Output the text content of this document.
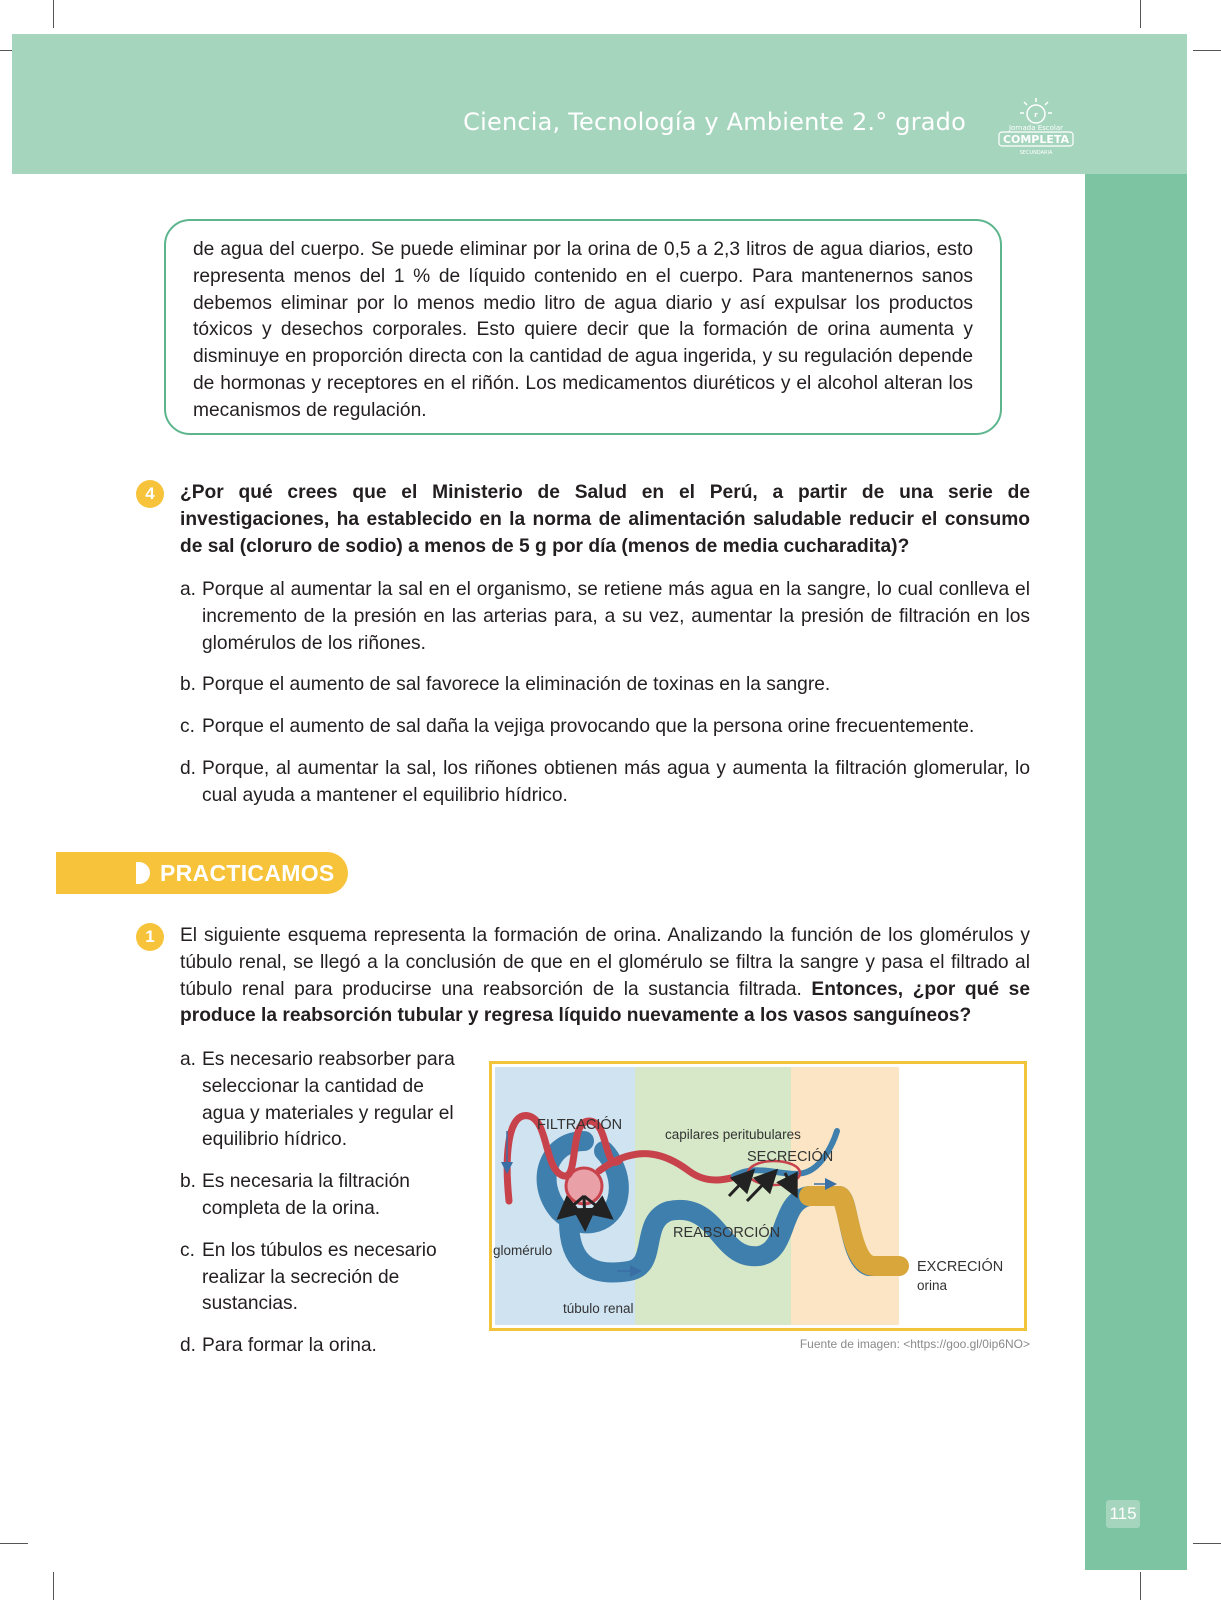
Ciencia, Tecnología y Ambiente 2.° grado	r
Jornada Escolar
COMPLETA
SECUNDARIA
115

de agua del cuerpo. Se puede eliminar por la orina de 0,5 a 2,3 litros de agua diarios, esto representa menos del 1 % de líquido contenido en el cuerpo. Para mantenernos sanos debemos eliminar por lo menos medio litro de agua diario y así expulsar los productos tóxicos y desechos corporales. Esto quiere decir que la formación de orina aumenta y disminuye en proporción directa con la cantidad de agua ingerida, y su regulación depende de hormonas y receptores en el riñón. Los medicamentos diuréticos y el alcohol alteran los mecanismos de regulación.

4	¿Por qué crees que el Ministerio de Salud en el Perú, a partir de una serie de investigaciones, ha establecido en la norma de alimentación saludable reducir el consumo de sal (cloruro de sodio) a menos de 5 g por día (menos de media cucharadita)?

a. Porque al aumentar la sal en el organismo, se retiene más agua en la sangre, lo cual conlleva el incremento de la presión en las arterias para, a su vez, aumentar la presión de filtración en los glomérulos de los riñones.
b. Porque el aumento de sal favorece la eliminación de toxinas en la sangre.
c. Porque el aumento de sal daña la vejiga provocando que la persona orine frecuentemente.
d. Porque, al aumentar la sal, los riñones obtienen más agua y aumenta la filtración glomerular, lo cual ayuda a mantener el equilibrio hídrico.
PRACTICAMOS
1	El siguiente esquema representa la formación de orina. Analizando la función de los glomérulos y túbulo renal, se llegó a la conclusión de que en el glomérulo se filtra la sangre y pasa el filtrado al túbulo renal para producirse una reabsorción de la sustancia filtrada. Entonces, ¿por qué se produce la reabsorción tubular y regresa líquido nuevamente a los vasos sanguíneos?

a. Es necesario reabsorber para seleccionar la cantidad de agua y materiales y regular el equilibrio hídrico.
b. Es necesaria la filtración completa de la orina.
c. En los túbulos es necesario realizar la secreción de sustancias.
d. Para formar la orina.
FILTRACIÓN
capilares peritubulares
SECRECIÓN
REABSORCIÓN
glomérulo
túbulo renal
EXCRECIÓN
orina
Fuente de imagen: <https://goo.gl/0ip6NO>
